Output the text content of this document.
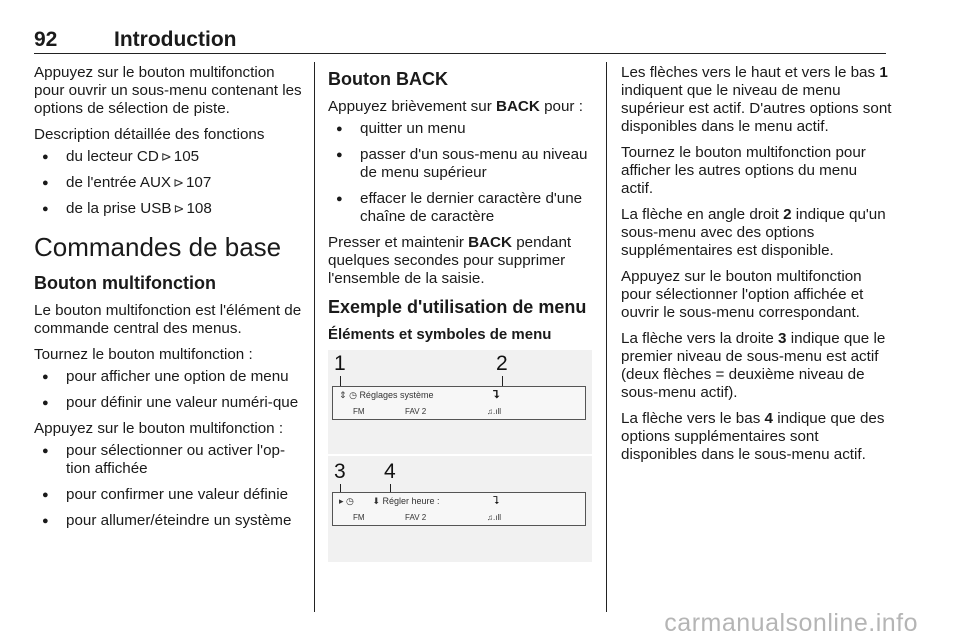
92	Introduction

Appuyez sur le bouton multifonction pour ouvrir un sous-menu contenant les options de sélection de piste.

Description détaillée des fonctions

● du lecteur CD ⊳ 105
● de l'entrée AUX ⊳ 107
● de la prise USB ⊳ 108
Commandes de base
Bouton multifonction

Le bouton multifonction est l'élément de commande central des menus.

Tournez le bouton multifonction :

● pour afficher une option de menu
● pour définir une valeur numéri-que

Appuyez sur le bouton multifonction :

● pour sélectionner ou activer l'op-tion affichée
● pour confirmer une valeur définie
● pour allumer/éteindre un système
Bouton BACK

Appuyez brièvement sur BACK pour :

● quitter un menu
● passer d'un sous-menu au niveau de menu supérieur
● effacer le dernier caractère d'une chaîne de caractère

Presser et maintenir BACK pendant quelques secondes pour supprimer l'ensemble de la saisie.

Exemple d'utilisation de menu
Éléments et symboles de menu
1	2
⇕ ◷ Réglages système	⮧
FM	FAV 2	♫.ıll
3 4
▸ ◷ ⬇ Régler heure :	⮧
FM	FAV 2	♫.ıll

Les flèches vers le haut et vers le bas 1 indiquent que le niveau de menu supérieur est actif. D'autres options sont disponibles dans le menu actif.

Tournez le bouton multifonction pour afficher les autres options du menu actif.

La flèche en angle droit 2 indique qu'un sous-menu avec des options supplémentaires est disponible.

Appuyez sur le bouton multifonction pour sélectionner l'option affichée et ouvrir le sous-menu correspondant.

La flèche vers la droite 3 indique que le premier niveau de sous-menu est actif (deux flèches = deuxième niveau de sous-menu actif).

La flèche vers le bas 4 indique que des options supplémentaires sont disponibles dans le sous-menu actif.

carmanualsonline.info
